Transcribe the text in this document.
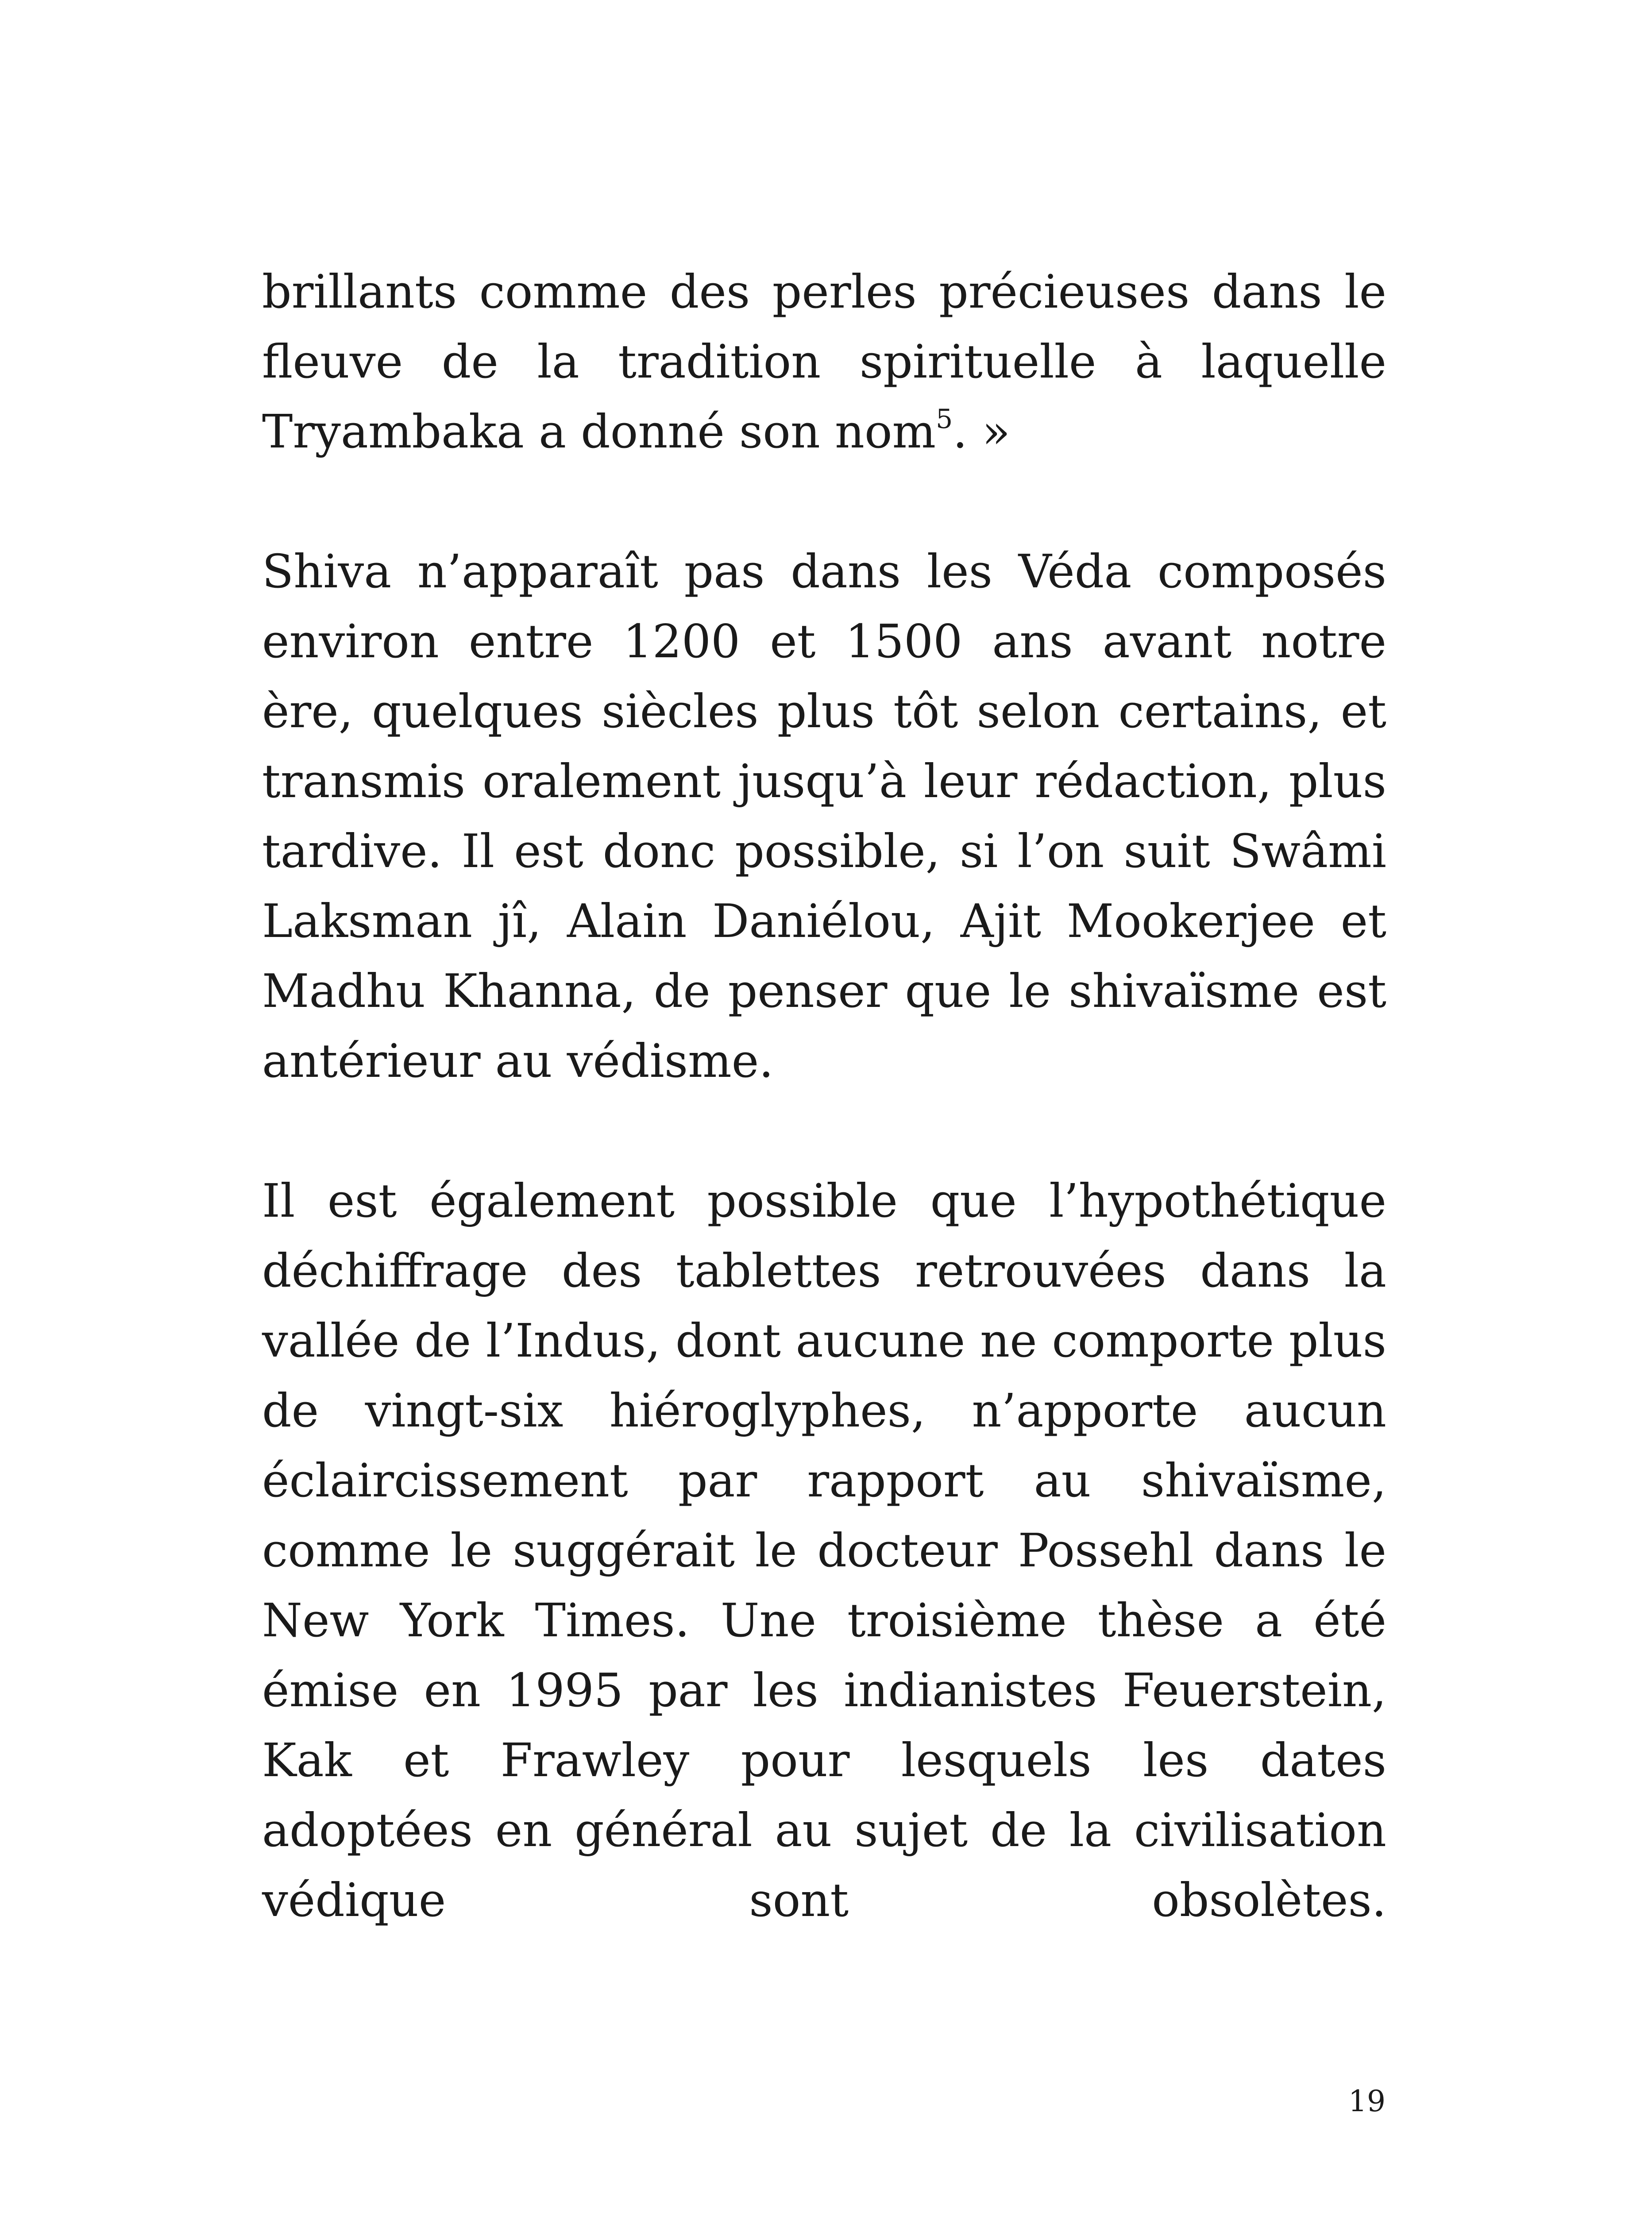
brillants comme des perles précieuses dans le fleuve de la tradition spirituelle à laquelle Tryambaka a donné son nom$^5$. »

Shiva n’apparaît pas dans les Véda composés environ entre 1200 et 1500 ans avant notre ère, quelques siècles plus tôt selon certains, et transmis oralement jusqu’à leur rédaction, plus tardive. Il est donc possible, si l’on suit Swâmi Laksman jî, Alain Daniélou, Ajit Mookerjee et Madhu Khanna, de penser que le shivaïsme est antérieur au védisme.

Il est également possible que l’hypothétique déchiffrage des tablettes retrouvées dans la vallée de l’Indus, dont aucune ne comporte plus de vingt-six hiéroglyphes, n’apporte aucun éclaircissement par rapport au shivaïsme, comme le suggérait le docteur Possehl dans le New York Times. Une troisième thèse a été émise en 1995 par les indianistes Feuerstein, Kak et Frawley pour lesquels les dates adoptées en général au sujet de la civilisation védique sont obsolètes.

19
